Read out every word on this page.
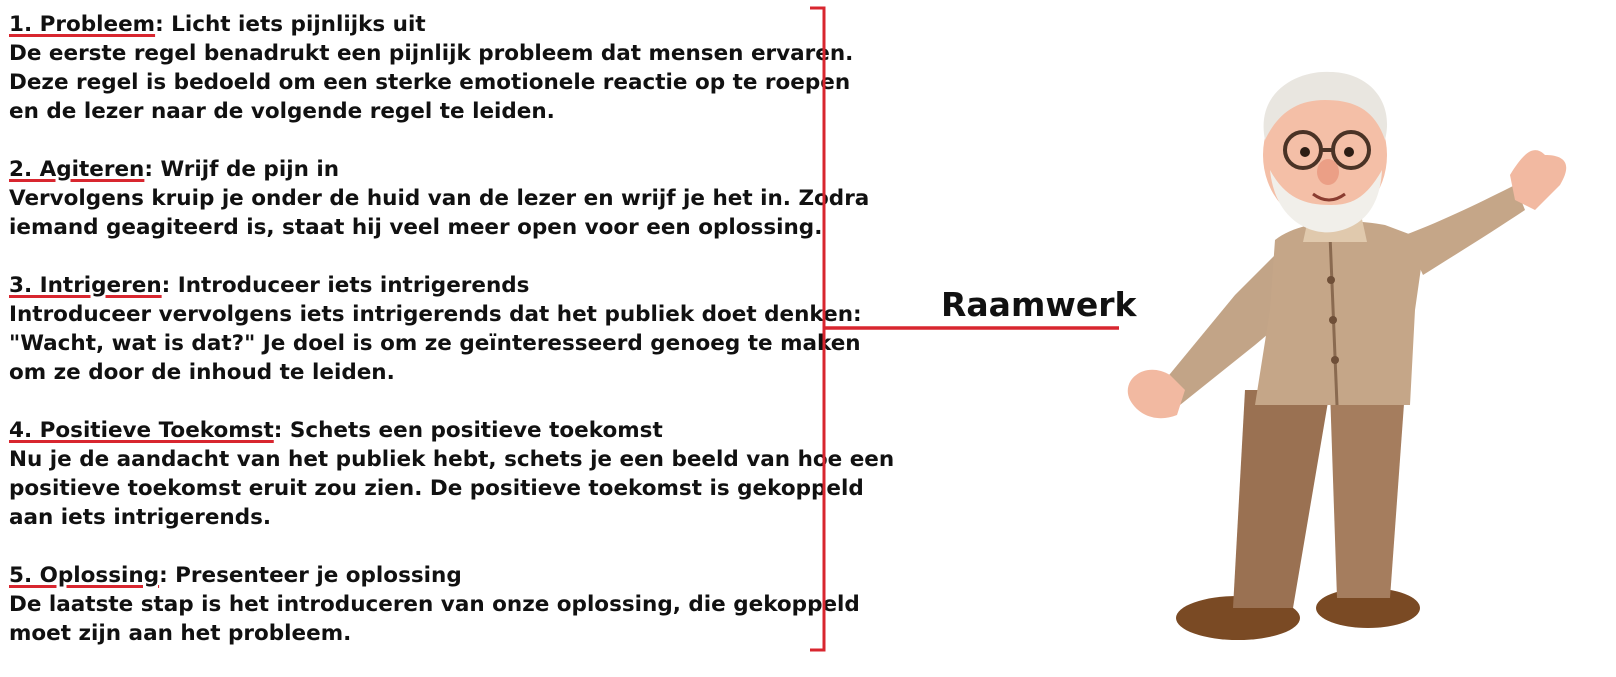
1. Probleem: Licht iets pijnlijks uit

De eerste regel benadrukt een pijnlijk probleem dat mensen ervaren.

Deze regel is bedoeld om een sterke emotionele reactie op te roepen

en de lezer naar de volgende regel te leiden.

2. Agiteren: Wrijf de pijn in

Vervolgens kruip je onder de huid van de lezer en wrijf je het in. Zodra

iemand geagiteerd is, staat hij veel meer open voor een oplossing.

3. Intrigeren: Introduceer iets intrigerends

Introduceer vervolgens iets intrigerends dat het publiek doet denken:

"Wacht, wat is dat?" Je doel is om ze geïnteresseerd genoeg te maken

om ze door de inhoud te leiden.

4. Positieve Toekomst: Schets een positieve toekomst

Nu je de aandacht van het publiek hebt, schets je een beeld van hoe een

positieve toekomst eruit zou zien. De positieve toekomst is gekoppeld

aan iets intrigerends.

5. Oplossing: Presenteer je oplossing

De laatste stap is het introduceren van onze oplossing, die gekoppeld

moet zijn aan het probleem.

Raamwerk
